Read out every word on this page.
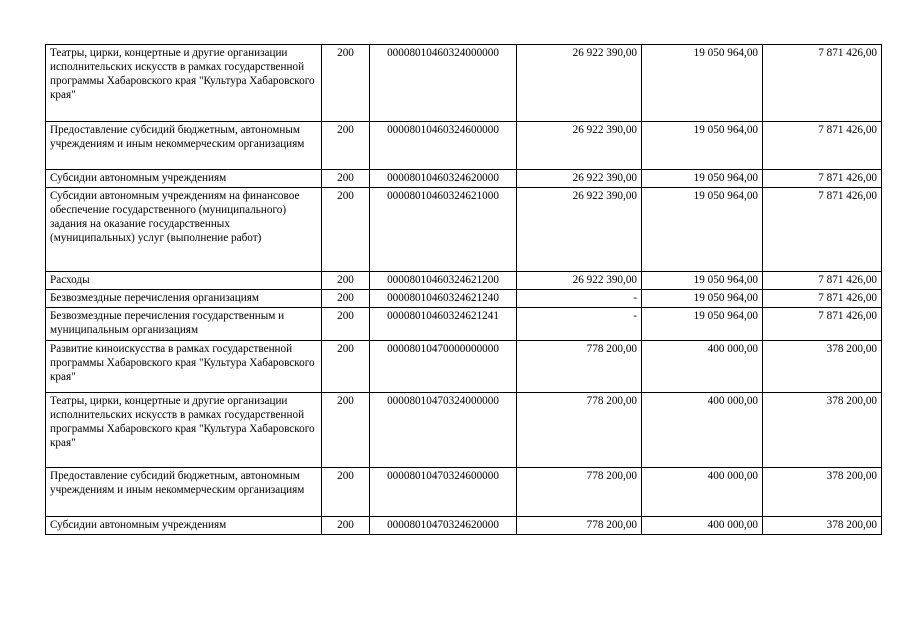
Театры, цирки, концертные и другие организации исполнительских искусств в рамках государственной программы Хабаровского края "Культура Хабаровского края"	200	00008010460324000000	26 922 390,00	19 050 964,00	7 871 426,00
Предоставление субсидий бюджетным, автономным учреждениям и иным некоммерческим организациям	200	00008010460324600000	26 922 390,00	19 050 964,00	7 871 426,00
Субсидии автономным учреждениям	200	00008010460324620000	26 922 390,00	19 050 964,00	7 871 426,00
Субсидии автономным учреждениям на финансовое обеспечение государственного (муниципального) задания на оказание государственных (муниципальных) услуг (выполнение работ)	200	00008010460324621000	26 922 390,00	19 050 964,00	7 871 426,00
Расходы	200	00008010460324621200	26 922 390,00	19 050 964,00	7 871 426,00
Безвозмездные перечисления организациям	200	00008010460324621240	-	19 050 964,00	7 871 426,00
Безвозмездные перечисления государственным и муниципальным организациям	200	00008010460324621241	-	19 050 964,00	7 871 426,00
Развитие киноискусства в рамках государственной программы Хабаровского края "Культура Хабаровского края"	200	00008010470000000000	778 200,00	400 000,00	378 200,00
Театры, цирки, концертные и другие организации исполнительских искусств в рамках государственной программы Хабаровского края "Культура Хабаровского края"	200	00008010470324000000	778 200,00	400 000,00	378 200,00
Предоставление субсидий бюджетным, автономным учреждениям и иным некоммерческим организациям	200	00008010470324600000	778 200,00	400 000,00	378 200,00
Субсидии автономным учреждениям	200	00008010470324620000	778 200,00	400 000,00	378 200,00
